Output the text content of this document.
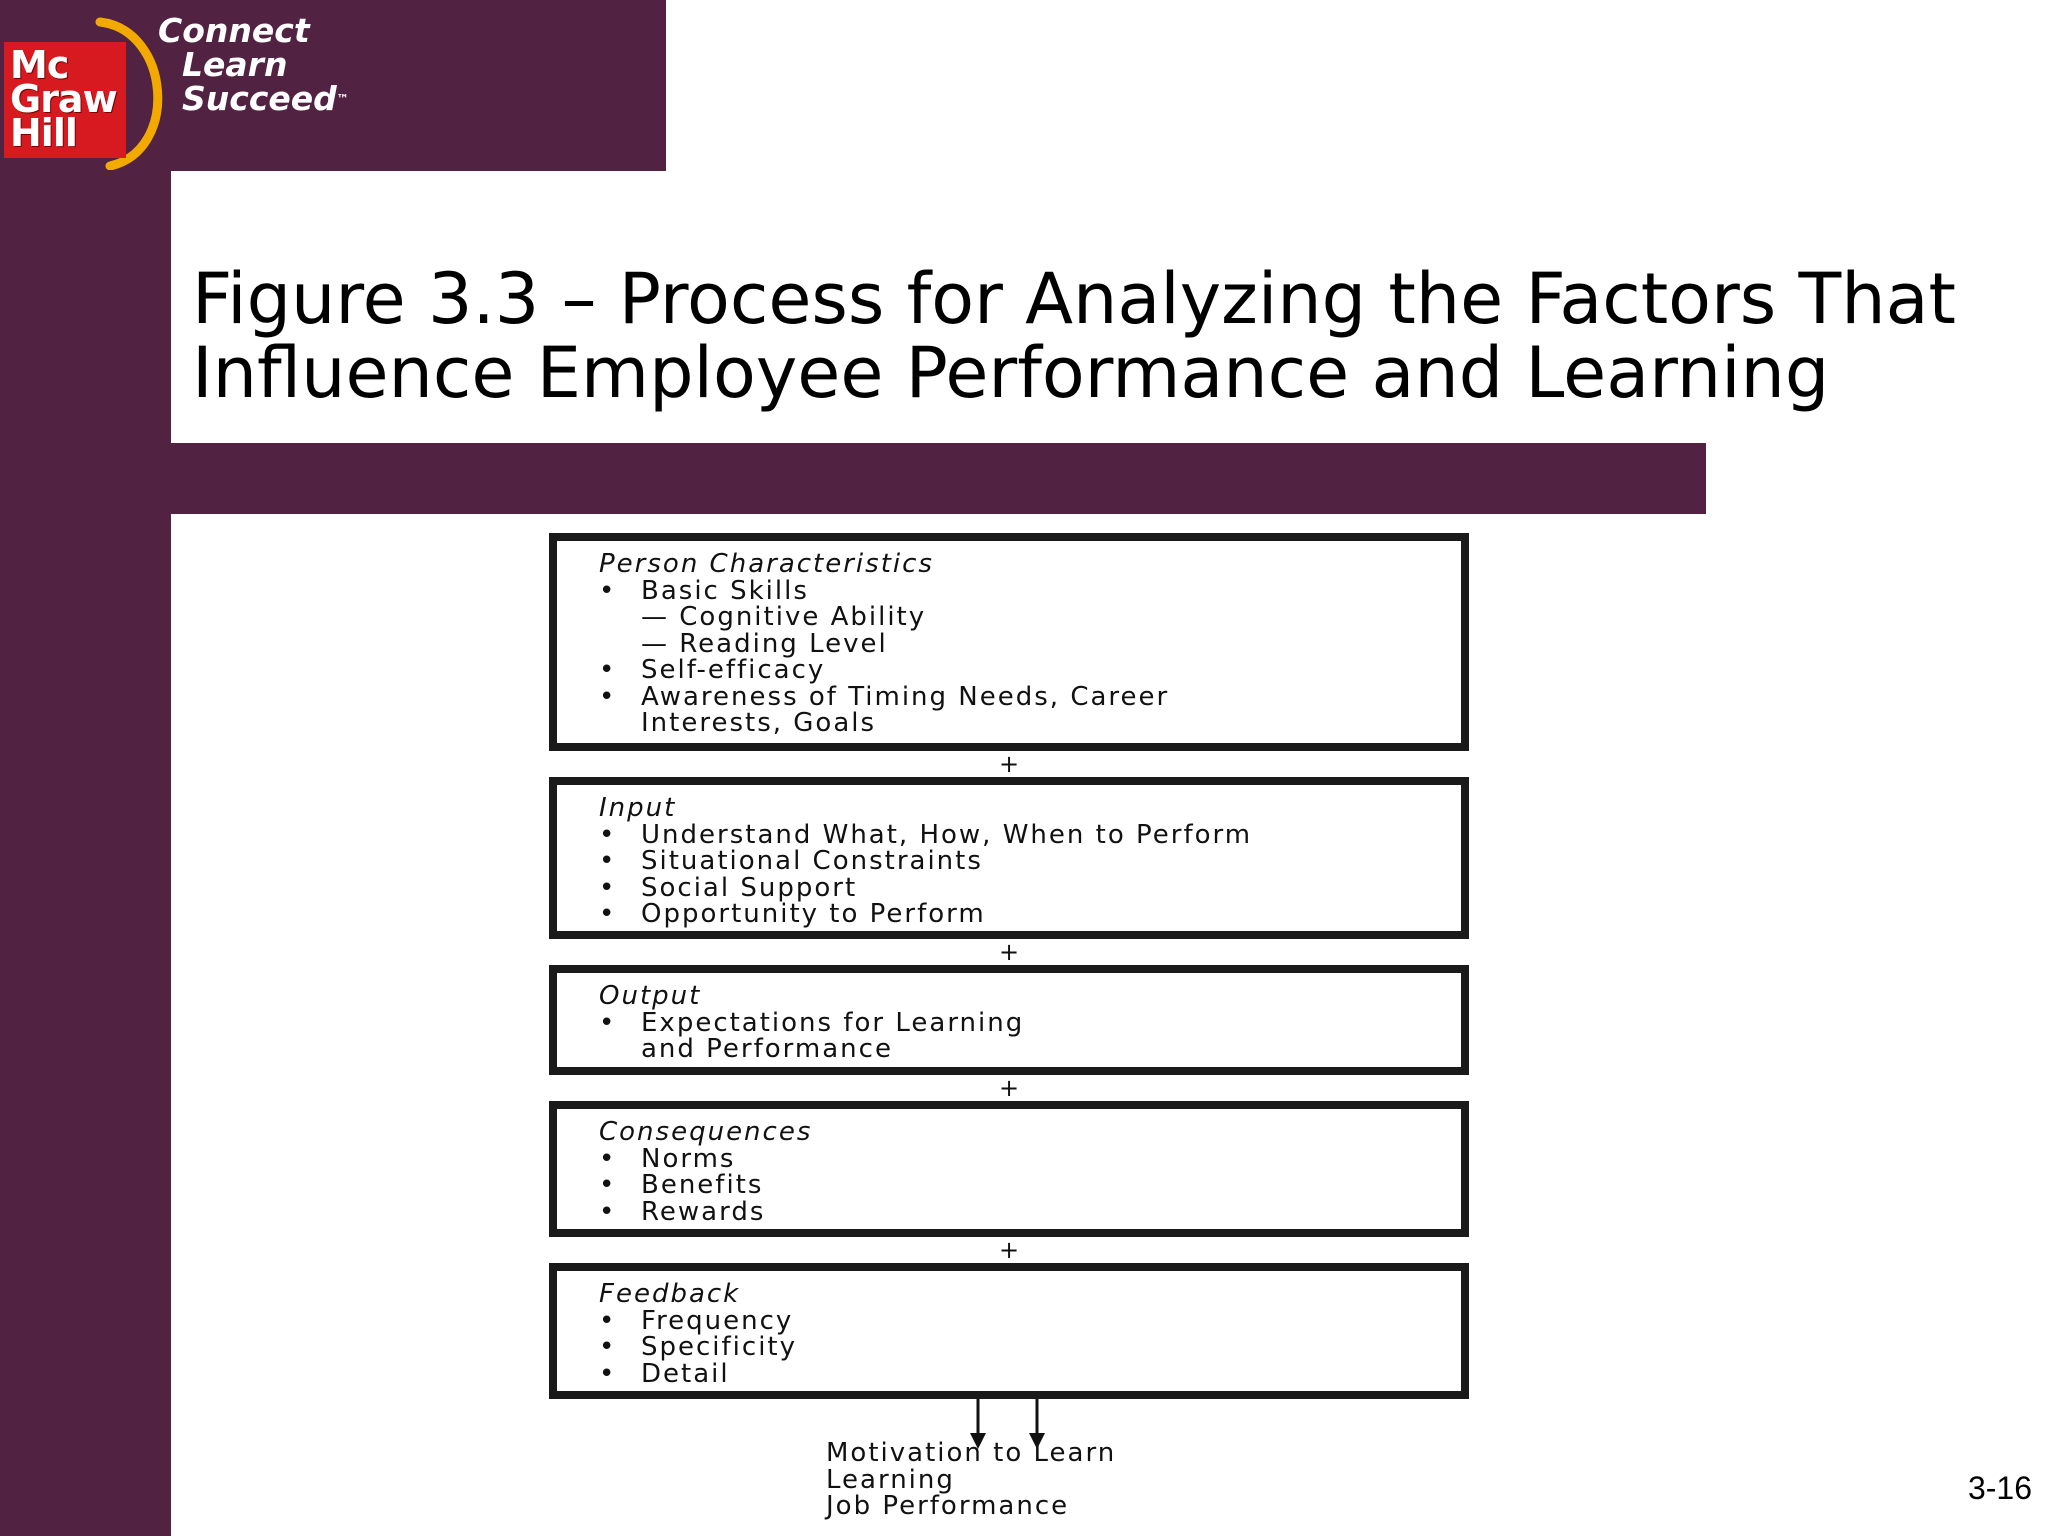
Mc
Graw
Hill
Connect
Learn
Succeed™
Figure 3.3 – Process for Analyzing the Factors That
Influence Employee Performance and Learning
Person Characteristics
• Basic Skills
— Cognitive Ability
— Reading Level
• Self-efficacy
• Awareness of Timing Needs, Career
Interests, Goals
+
Input
• Understand What, How, When to Perform
• Situational Constraints
• Social Support
• Opportunity to Perform
+
Output
• Expectations for Learning
and Performance
+
Consequences
• Norms
• Benefits
• Rewards
+
Feedback
• Frequency
• Specificity
• Detail
Motivation to Learn
Learning
Job Performance	3-16
